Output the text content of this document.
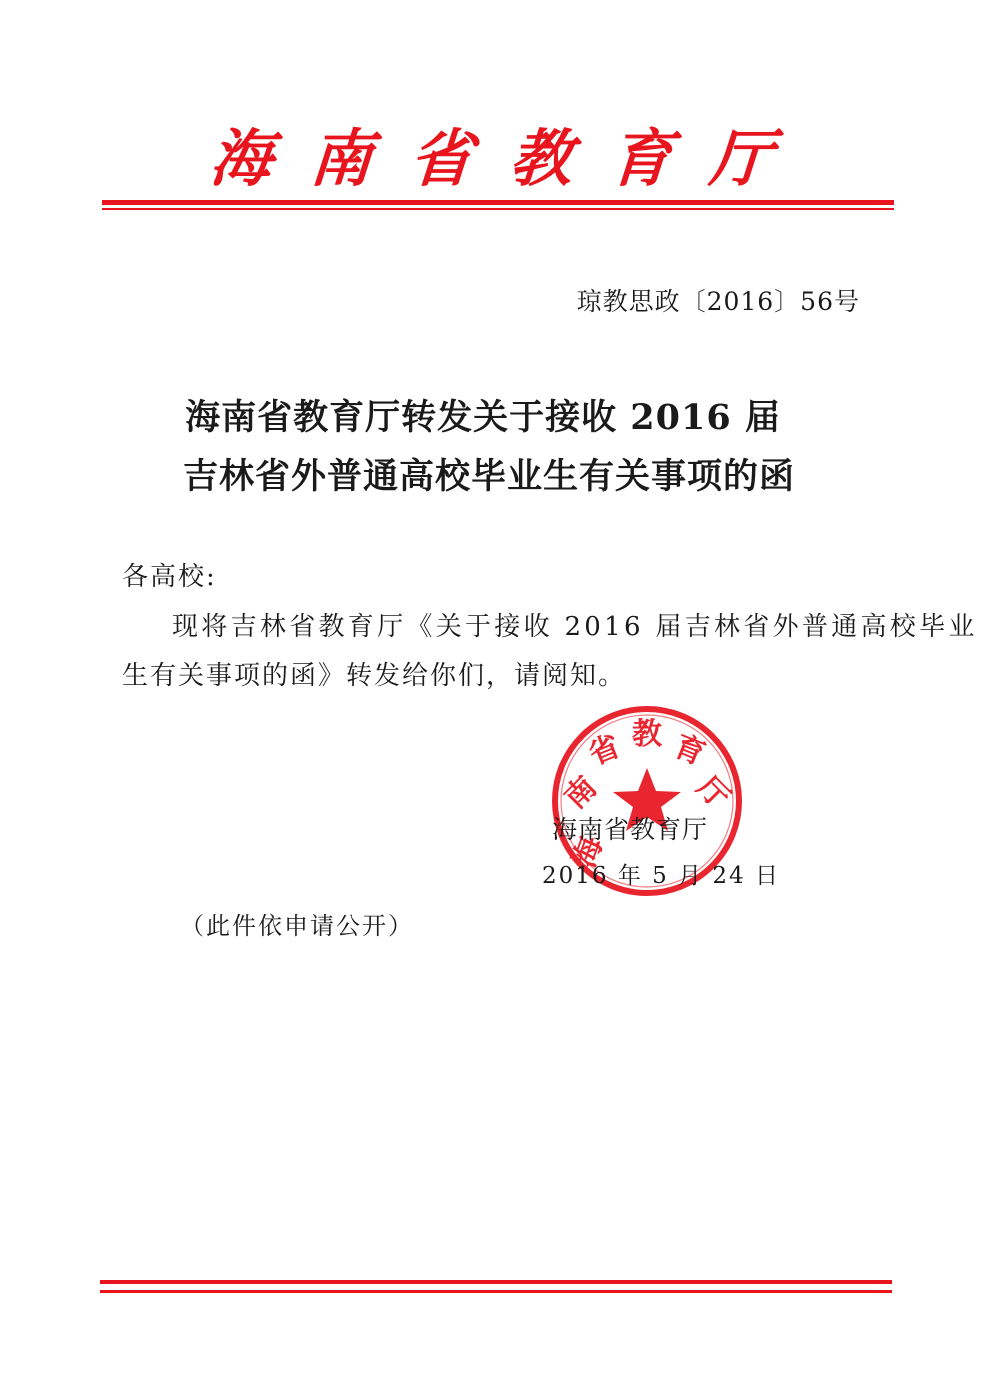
海 南 省 教 育 厅
琼教思政〔2016〕56号
海南省教育厅转发关于接收 2016 届
吉林省外普通高校毕业生有关事项的函
各高校:
现将吉林省教育厅《关于接收 2016 届吉林省外普通高校毕业
生有关事项的函》转发给你们，请阅知。
海
南
省 教 育
厅
海南省教育厅
2016 年 5 月 24 日
（此件依申请公开）
